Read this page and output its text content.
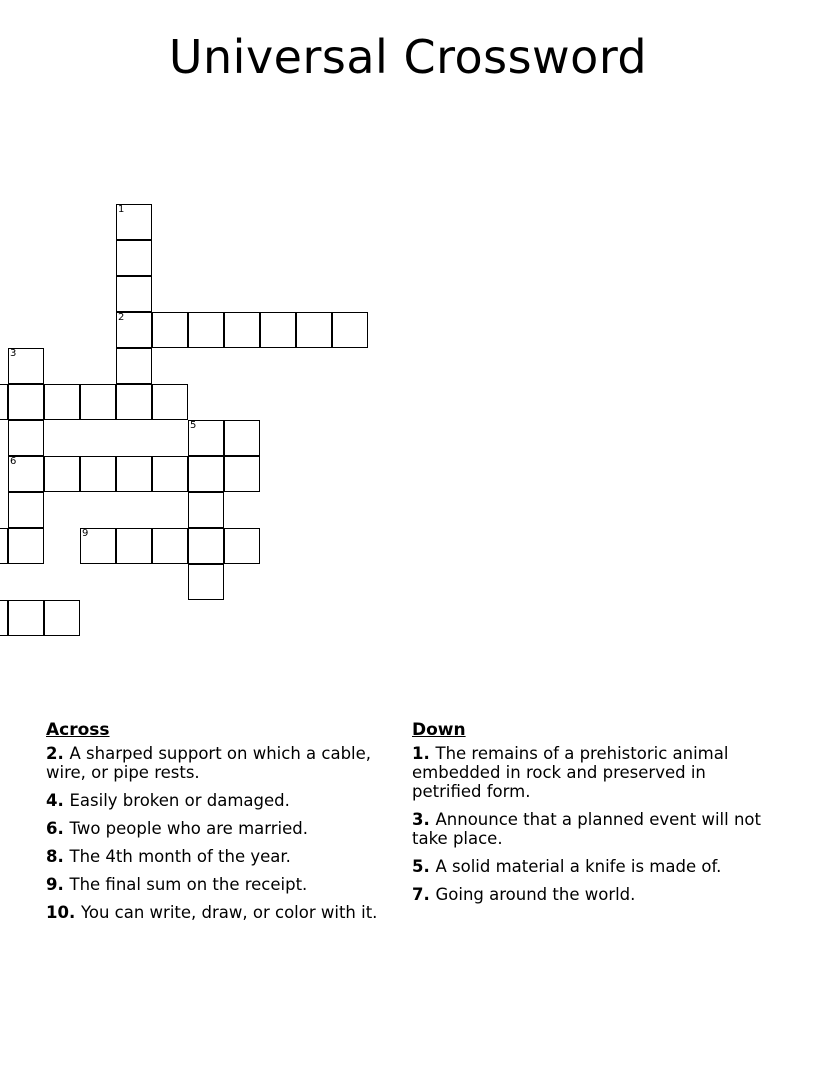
Universal Crossword
1
2
3
5
6
9
Across
2. A sharped support on which a cable, wire, or pipe rests.
4. Easily broken or damaged.
6. Two people who are married.
8. The 4th month of the year.
9. The final sum on the receipt.
10. You can write, draw, or color with it.
Down
1. The remains of a prehistoric animal embedded in rock and preserved in petrified form.
3. Announce that a planned event will not take place.
5. A solid material a knife is made of.
7. Going around the world.
